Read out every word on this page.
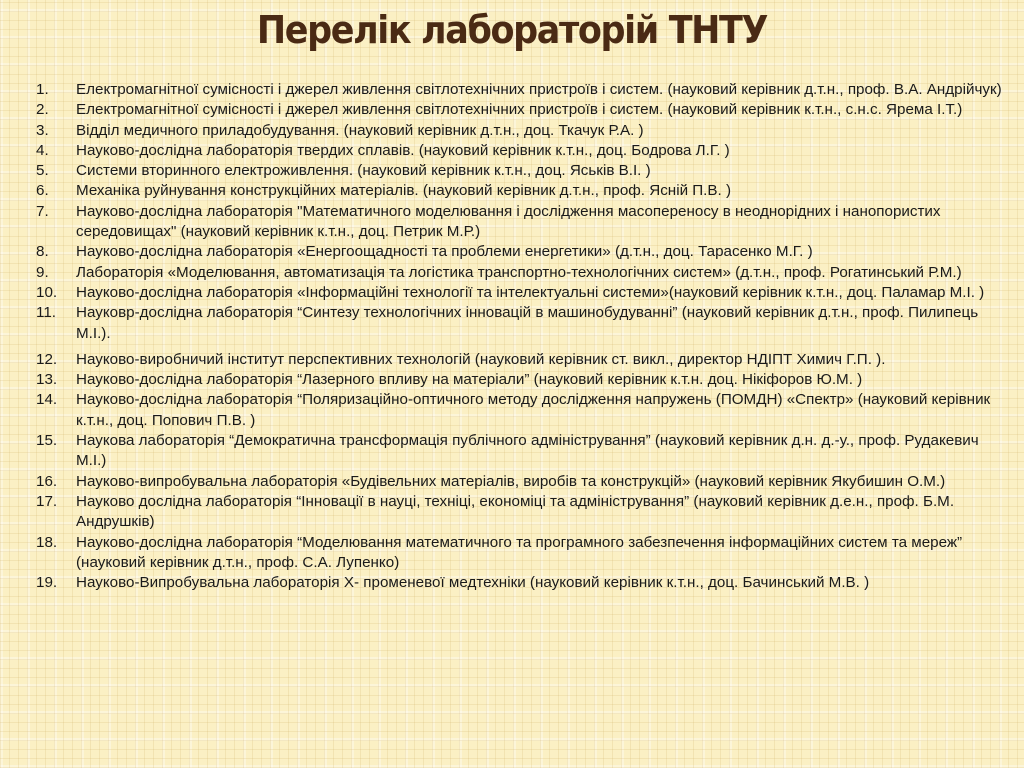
Перелік лабораторій ТНТУ
1.	Електромагнітної сумісності і джерел живлення світлотехнічних пристроїв і систем. (науковий керівник д.т.н., проф. В.А. Андрійчук)
2.	Електромагнітної сумісності і джерел живлення світлотехнічних пристроїв і систем. (науковий керівник к.т.н., с.н.с. Ярема І.Т.)
3.	Відділ медичного приладобудування. (науковий керівник д.т.н., доц. Ткачук Р.А. )
4.	Науково-дослідна лабораторія твердих сплавів. (науковий керівник к.т.н., доц. Бодрова Л.Г. )
5.	Системи вторинного електроживлення. (науковий керівник к.т.н., доц. Яськів В.І. )
6.	Механіка руйнування конструкційних матеріалів. (науковий керівник д.т.н., проф. Ясній П.В. )
7.	Науково-дослідна лабораторія "Математичного моделювання і дослідження масопереносу в неоднорідних і нанопористих середовищах" (науковий керівник к.т.н., доц. Петрик М.Р.)
8.	Науково-дослідна лабораторія «Енергоощадності та проблеми енергетики» (д.т.н., доц. Тарасенко М.Г. )
9.	Лабораторія «Моделювання, автоматизація та логістика транспортно-технологічних систем» (д.т.н., проф. Рогатинський Р.М.)
10.	Науково-дослідна лабораторія «Інформаційні технології та інтелектуальні системи»(науковий керівник к.т.н., доц. Паламар М.І. )
11.	Науковр-дослідна лабораторія “Синтезу технологічних інновацій в машинобудуванні” (науковий керівник д.т.н., проф. Пилипець М.І.).
12.	Науково-виробничий інститут перспективних технологій (науковий керівник ст. викл., директор НДІПТ Химич Г.П. ).
13.	Науково-дослідна лабораторія “Лазерного впливу на матеріали” (науковий керівник к.т.н. доц. Нікіфоров Ю.М. )
14.	Науково-дослідна лабораторія “Поляризаційно-оптичного методу дослідження напружень (ПОМДН) «Спектр» (науковий керівник к.т.н., доц. Попович П.В. )
15.	Наукова лабораторія “Демократична трансформація публічного адміністрування” (науковий керівник д.н. д.-у., проф. Рудакевич М.І.)
16.	Науково-випробувальна лабораторія «Будівельних матеріалів, виробів та конструкцій» (науковий керівник Якубишин О.М.)
17.	Науково дослідна лабораторія “Інновації в науці, техніці, економіці та адміністрування” (науковий керівник д.е.н., проф. Б.М. Андрушків)
18.	Науково-дослідна лабораторія “Моделювання математичного та програмного забезпечення інформаційних систем та мереж” (науковий керівник д.т.н., проф. С.А. Лупенко)
19.	Науково-Випробувальна лабораторія Х- променевої медтехніки (науковий керівник к.т.н., доц. Бачинський М.В. )
